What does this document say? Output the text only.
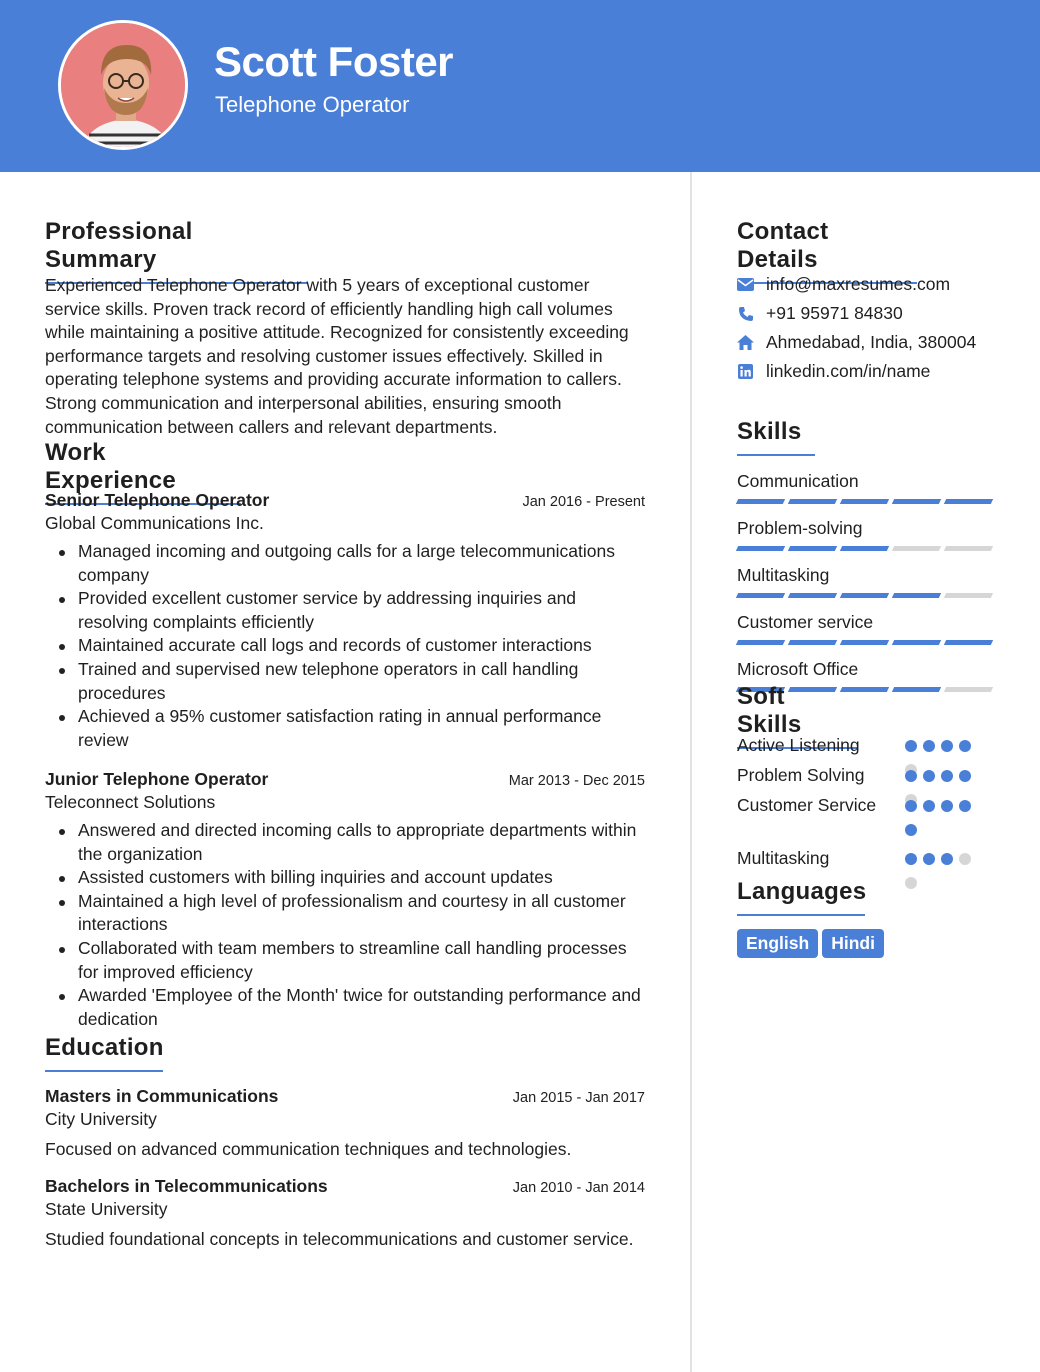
Scott Foster
Telephone Operator
Professional Summary
Experienced Telephone Operator with 5 years of exceptional customer service skills. Proven track record of efficiently handling high call volumes while maintaining a positive attitude. Recognized for consistently exceeding performance targets and resolving customer issues effectively. Skilled in operating telephone systems and providing accurate information to callers. Strong communication and interpersonal abilities, ensuring smooth communication between callers and relevant departments.
Work Experience
Senior Telephone Operator	Jan 2016 - Present
Global Communications Inc.
Managed incoming and outgoing calls for a large telecommunications company
Provided excellent customer service by addressing inquiries and resolving complaints efficiently
Maintained accurate call logs and records of customer interactions
Trained and supervised new telephone operators in call handling procedures
Achieved a 95% customer satisfaction rating in annual performance review
Junior Telephone Operator	Mar 2013 - Dec 2015
Teleconnect Solutions
Answered and directed incoming calls to appropriate departments within the organization
Assisted customers with billing inquiries and account updates
Maintained a high level of professionalism and courtesy in all customer interactions
Collaborated with team members to streamline call handling processes for improved efficiency
Awarded 'Employee of the Month' twice for outstanding performance and dedication
Education
Masters in Communications	Jan 2015 - Jan 2017
City University
Focused on advanced communication techniques and technologies.
Bachelors in Telecommunications	Jan 2010 - Jan 2014
State University
Studied foundational concepts in telecommunications and customer service.
Contact Details
info@maxresumes.com
+91 95971 84830
Ahmedabad, India, 380004
linkedin.com/in/name
Skills
Communication
Problem-solving
Multitasking
Customer service
Microsoft Office
Soft Skills
Active Listening
Problem Solving
Customer Service
Multitasking
Languages
English Hindi
